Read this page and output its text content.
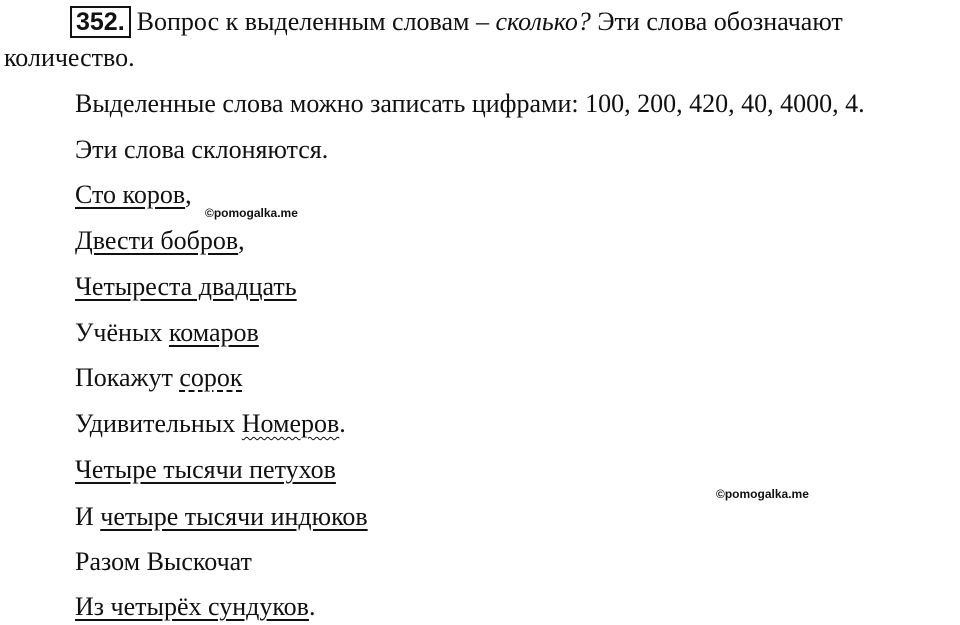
352. Вопрос к выделенным словам – сколько? Эти слова обозначают
количество.
Выделенные слова можно записать цифрами: 100, 200, 420, 40, 4000, 4.
Эти слова склоняются.
Сто коров,
©pomogalka.me
Двести бобров,
Четыреста двадцать
Учёных комаров
Покажут сорок
Удивительных Номеров.
Четыре тысячи петухов
©pomogalka.me
И четыре тысячи индюков
Разом Выскочат
Из четырёх сундуков.
